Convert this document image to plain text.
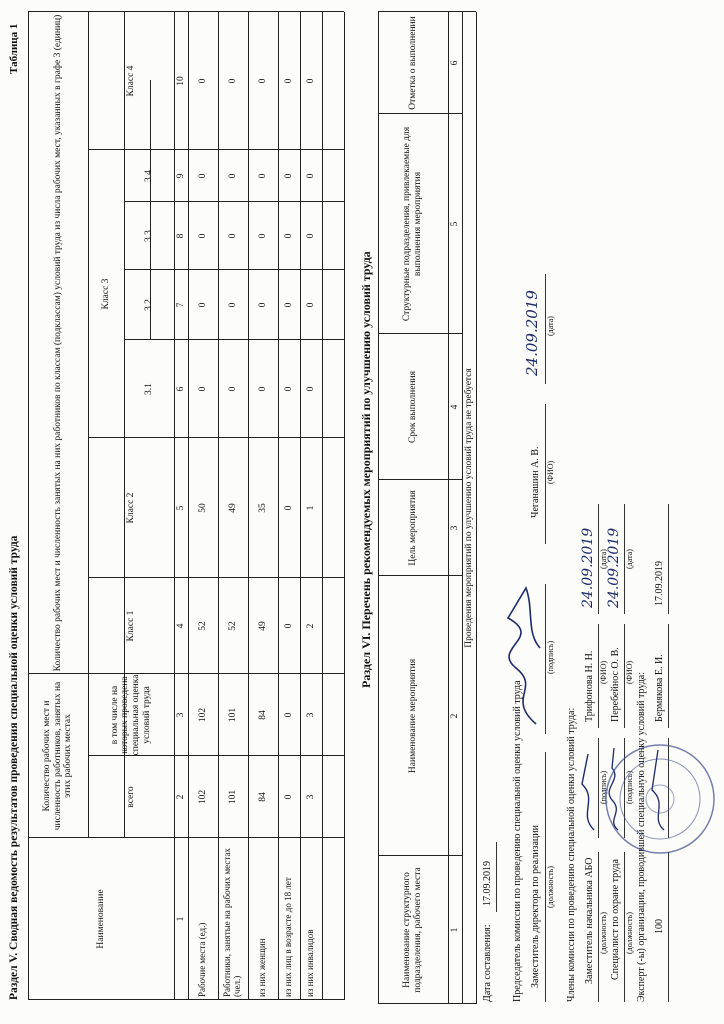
Раздел V. Сводная ведомость результатов проведения специальной оценки условий труда
Таблица 1
Наименование
Количество рабочих мест и численность работников, занятых на этих рабочих местах	всего
в том числе на которых проведена специальная оценка условий труда
Количество рабочих мест и численность занятых на них работников по классам (подклассам) условий труда из числа рабочих мест, указанных в графе 3 (единиц)	Класс 1
Класс 2
Класс 3
3.1
3.2
3.3
3.4
Класс 4
1
2
3
4
5
6
7
8
9
10
Рабочие места (ед.)
102
102
52
50
0
0
0
0
0
Работники, занятые на рабочих местах (чел.)
101
101
52
49
0
0
0
0
0
из них женщин
84
84
49
35
0
0
0
0
0
из них лиц в возрасте до 18 лет
0
0
0
0
0
0
0
0
0
из них инвалидов
3
3
2
1
0
0
0
0
0
Раздел VI. Перечень рекомендуемых мероприятий по улучшению условий труда
Наименование структурного подразделения, рабочего места
Наименование мероприятия
Цель мероприятия
Срок выполнения
Структурные подразделения, привлекаемые для выполнения мероприятия
Отметка о выполнении
1
2
3
4
5
6
Проведения мероприятий по улучшению условий труда не требуется
Дата составления:
17.09.2019 Председатель комиссии по проведению специальной оценки условий труда Заместитель директора по реализации (должность)
(подпись)
Чеганашин А. В. (ФИО)
24.09.2019 (дата)
Члены комиссии по проведению специальной оценки условий труда: Заместитель начальника АБО (должность)
(подпись)
Трифонова Н. Н. (ФИО)
24.09.2019 (дата)
Специалист по охране труда (должность)
(подпись)
Перебейнос О. В. (ФИО)
24.09.2019 (дата)
Эксперт (-ы) организации, проводившей специальную оценку условий труда: 100
Бермякова Е. И.
17.09.2019
